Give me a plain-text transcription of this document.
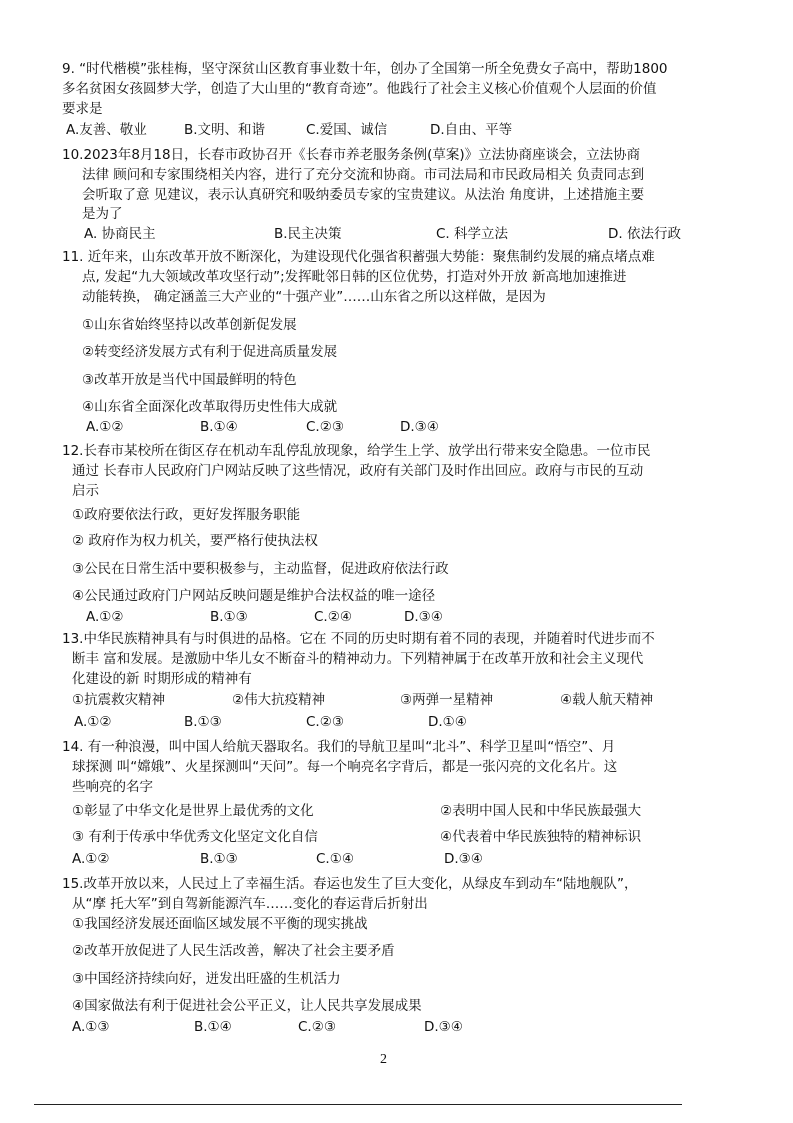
9. “时代楷模”张桂梅，坚守深贫山区教育事业数十年，创办了全国第一所全免费女子高中，帮助1800
多名贫困女孩圆梦大学，创造了大山里的“教育奇迹”。他践行了社会主义核心价值观个人层面的价值
要求是
A.友善、敬业	B.文明、和谐	C.爱国、诚信	D.自由、平等
10.2023年8月18日，长春市政协召开《长春市养老服务条例(草案)》立法协商座谈会，立法协商
法律 顾问和专家围绕相关内容，进行了充分交流和协商。市司法局和市民政局相关 负责同志到
会听取了意 见建议，表示认真研究和吸纳委员专家的宝贵建议。从法治 角度讲，上述措施主要
是为了
A. 协商民主	B.民主决策	C. 科学立法	D. 依法行政
11. 近年来，山东改革开放不断深化，为建设现代化强省积蓄强大势能：聚焦制约发展的痛点堵点难
点, 发起“九大领域改革攻坚行动”;发挥毗邻日韩的区位优势，打造对外开放 新高地加速推进
动能转换， 确定涵盖三大产业的“十强产业”……山东省之所以这样做，是因为
①山东省始终坚持以改革创新促发展
②转变经济发展方式有利于促进高质量发展
③改革开放是当代中国最鲜明的特色
④山东省全面深化改革取得历史性伟大成就
A.①②	B.①④	C.②③	D.③④
12.长春市某校所在街区存在机动车乱停乱放现象，给学生上学、放学出行带来安全隐患。一位市民
通过 长春市人民政府门户网站反映了这些情况，政府有关部门及时作出回应。政府与市民的互动
启示
①政府要依法行政，更好发挥服务职能
② 政府作为权力机关，要严格行使执法权
③公民在日常生活中要积极参与，主动监督，促进政府依法行政
④公民通过政府门户网站反映问题是维护合法权益的唯一途径
A.①②	B.①③	C.②④	D.③④
13.中华民族精神具有与时俱进的品格。它在 不同的历史时期有着不同的表现，并随着时代进步而不
断丰 富和发展。是激励中华儿女不断奋斗的精神动力。下列精神属于在改革开放和社会主义现代
化建设的新 时期形成的精神有
①抗震救灾精神	②伟大抗疫精神	③两弹一星精神	④载人航天精神
A.①②	B.①③	C.②③	D.①④
14. 有一种浪漫，叫中国人给航天器取名。我们的导航卫星叫“北斗”、科学卫星叫“悟空”、月
球探测 叫“嫦娥”、火星探测叫“天问”。每一个响亮名字背后，都是一张闪亮的文化名片。这
些响亮的名字
①彰显了中华文化是世界上最优秀的文化	②表明中国人民和中华民族最强大
③ 有利于传承中华优秀文化坚定文化自信	④代表着中华民族独特的精神标识
A.①②	B.①③	C.①④	D.③④
15.改革开放以来，人民过上了幸福生活。春运也发生了巨大变化，从绿皮车到动车“陆地舰队”，
从“摩 托大军”到自驾新能源汽车……变化的春运背后折射出
①我国经济发展还面临区域发展不平衡的现实挑战
②改革开放促进了人民生活改善，解决了社会主要矛盾
③中国经济持续向好，迸发出旺盛的生机活力
④国家做法有利于促进社会公平正义，让人民共享发展成果
A.①③	B.①④	C.②③	D.③④
2
